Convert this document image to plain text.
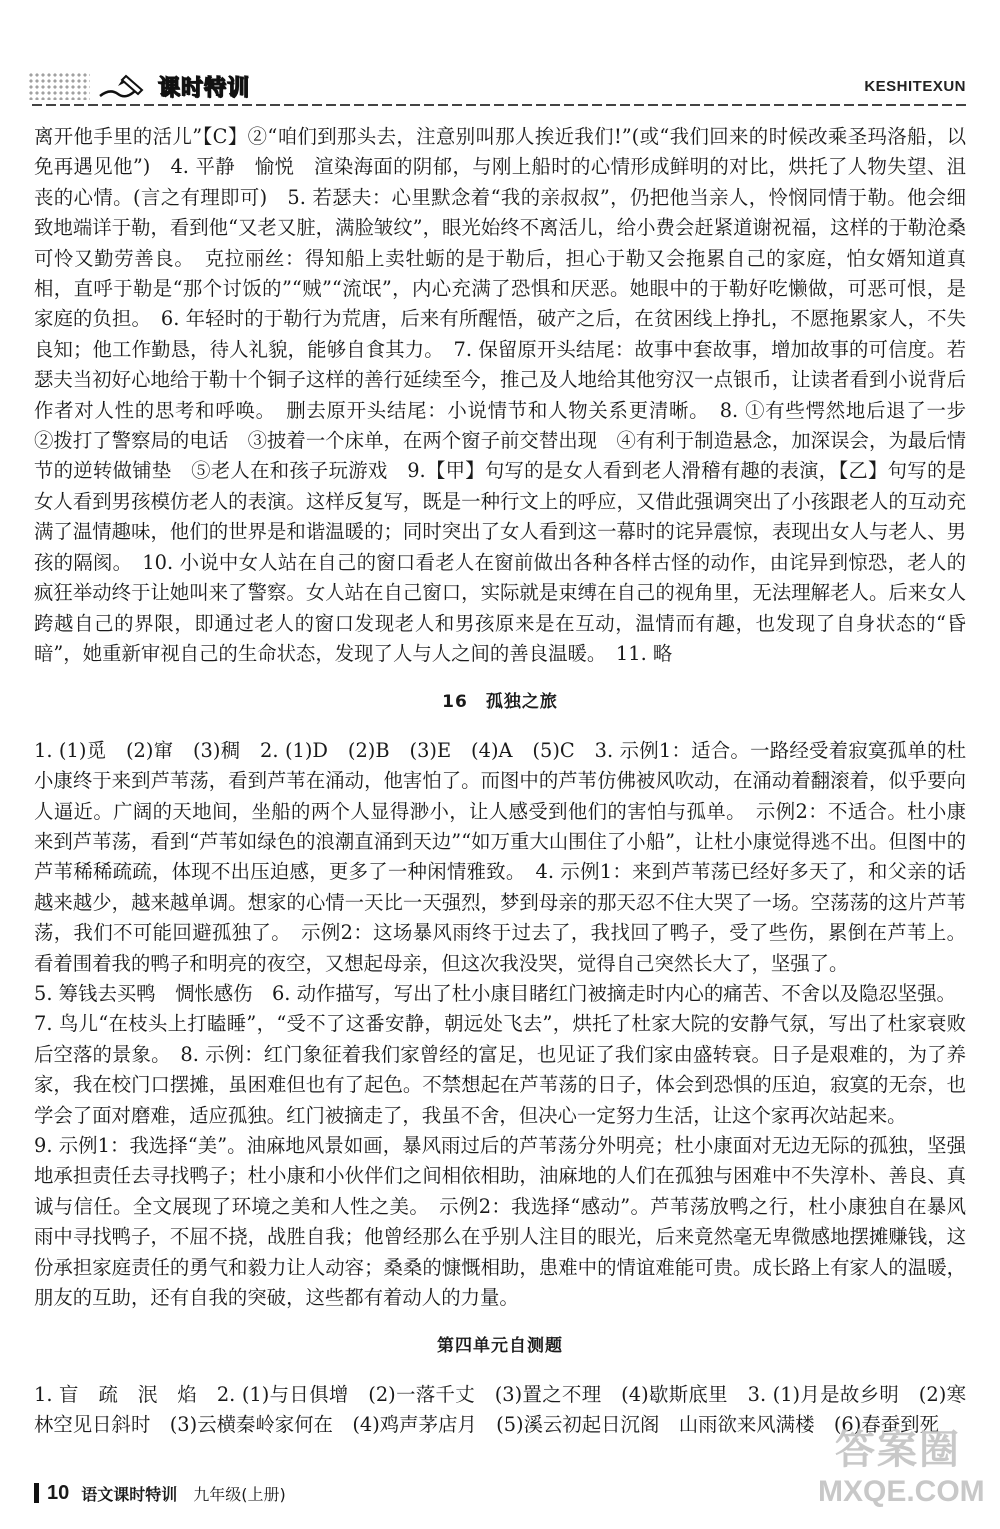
课时特训	KESHITEXUN

离开他手里的活儿”【C】②“咱们到那头去，注意别叫那人挨近我们!”(或“我们回来的时候改乘圣玛洛船，以免再遇见他”)　4. 平静　愉悦　渲染海面的阴郁，与刚上船时的心情形成鲜明的对比，烘托了人物失望、沮丧的心情。(言之有理即可)　5. 若瑟夫：心里默念着“我的亲叔叔”，仍把他当亲人，怜悯同情于勒。他会细致地端详于勒，看到他“又老又脏，满脸皱纹”，眼光始终不离活儿，给小费会赶紧道谢祝福，这样的于勒沧桑可怜又勤劳善良。　克拉丽丝：得知船上卖牡蛎的是于勒后，担心于勒又会拖累自己的家庭，怕女婿知道真相，直呼于勒是“那个讨饭的”“贼”“流氓”，内心充满了恐惧和厌恶。她眼中的于勒好吃懒做，可恶可恨，是家庭的负担。　6. 年轻时的于勒行为荒唐，后来有所醒悟，破产之后，在贫困线上挣扎，不愿拖累家人，不失良知；他工作勤恳，待人礼貌，能够自食其力。　7. 保留原开头结尾：故事中套故事，增加故事的可信度。若瑟夫当初好心地给于勒十个铜子这样的善行延续至今，推己及人地给其他穷汉一点银币，让读者看到小说背后作者对人性的思考和呼唤。　删去原开头结尾：小说情节和人物关系更清晰。　8. ①有些愕然地后退了一步　②拨打了警察局的电话　③披着一个床单，在两个窗子前交替出现　④有利于制造悬念，加深误会，为最后情节的逆转做铺垫　⑤老人在和孩子玩游戏　9.【甲】句写的是女人看到老人滑稽有趣的表演，【乙】句写的是女人看到男孩模仿老人的表演。这样反复写，既是一种行文上的呼应，又借此强调突出了小孩跟老人的互动充满了温情趣味，他们的世界是和谐温暖的；同时突出了女人看到这一幕时的诧异震惊，表现出女人与老人、男孩的隔阂。　10. 小说中女人站在自己的窗口看老人在窗前做出各种各样古怪的动作，由诧异到惊恐，老人的疯狂举动终于让她叫来了警察。女人站在自己窗口，实际就是束缚在自己的视角里，无法理解老人。后来女人跨越自己的界限，即通过老人的窗口发现老人和男孩原来是在互动，温情而有趣，也发现了自身状态的“昏暗”，她重新审视自己的生命状态，发现了人与人之间的善良温暖。　11. 略

16　孤独之旅

1. (1)觅　(2)窜　(3)稠　2. (1)D　(2)B　(3)E　(4)A　(5)C　3. 示例1：适合。一路经受着寂寞孤单的杜小康终于来到芦苇荡，看到芦苇在涌动，他害怕了。而图中的芦苇仿佛被风吹动，在涌动着翻滚着，似乎要向人逼近。广阔的天地间，坐船的两个人显得渺小，让人感受到他们的害怕与孤单。　示例2：不适合。杜小康来到芦苇荡，看到“芦苇如绿色的浪潮直涌到天边”“如万重大山围住了小船”，让杜小康觉得逃不出。但图中的芦苇稀稀疏疏，体现不出压迫感，更多了一种闲情雅致。　4. 示例1：来到芦苇荡已经好多天了，和父亲的话越来越少，越来越单调。想家的心情一天比一天强烈，梦到母亲的那天忍不住大哭了一场。空荡荡的这片芦苇荡，我们不可能回避孤独了。　示例2：这场暴风雨终于过去了，我找回了鸭子，受了些伤，累倒在芦苇上。看着围着我的鸭子和明亮的夜空，又想起母亲，但这次我没哭，觉得自己突然长大了，坚强了。

5. 筹钱去买鸭　惆怅感伤　6. 动作描写，写出了杜小康目睹红门被摘走时内心的痛苦、不舍以及隐忍坚强。

7. 鸟儿“在枝头上打瞌睡”，“受不了这番安静，朝远处飞去”，烘托了杜家大院的安静气氛，写出了杜家衰败后空落的景象。　8. 示例：红门象征着我们家曾经的富足，也见证了我们家由盛转衰。日子是艰难的，为了养家，我在校门口摆摊，虽困难但也有了起色。不禁想起在芦苇荡的日子，体会到恐惧的压迫，寂寞的无奈，也学会了面对磨难，适应孤独。红门被摘走了，我虽不舍，但决心一定努力生活，让这个家再次站起来。

9. 示例1：我选择“美”。油麻地风景如画，暴风雨过后的芦苇荡分外明亮；杜小康面对无边无际的孤独，坚强地承担责任去寻找鸭子；杜小康和小伙伴们之间相依相助，油麻地的人们在孤独与困难中不失淳朴、善良、真诚与信任。全文展现了环境之美和人性之美。　示例2：我选择“感动”。芦苇荡放鸭之行，杜小康独自在暴风雨中寻找鸭子，不屈不挠，战胜自我；他曾经那么在乎别人注目的眼光，后来竟然毫无卑微感地摆摊赚钱，这份承担家庭责任的勇气和毅力让人动容；桑桑的慷慨相助，患难中的情谊难能可贵。成长路上有家人的温暖，朋友的互助，还有自我的突破，这些都有着动人的力量。

第四单元自测题

1. 盲　疏　泯　焰　2. (1)与日俱增　(2)一落千丈　(3)置之不理　(4)歇斯底里　3. (1)月是故乡明　(2)寒林空见日斜时　(3)云横秦岭家何在　(4)鸡声茅店月　(5)溪云初起日沉阁　山雨欲来风满楼　(6)春蚕到死

10 语文课时特训 九年级(上册)
答案圈
MXQE.COM
